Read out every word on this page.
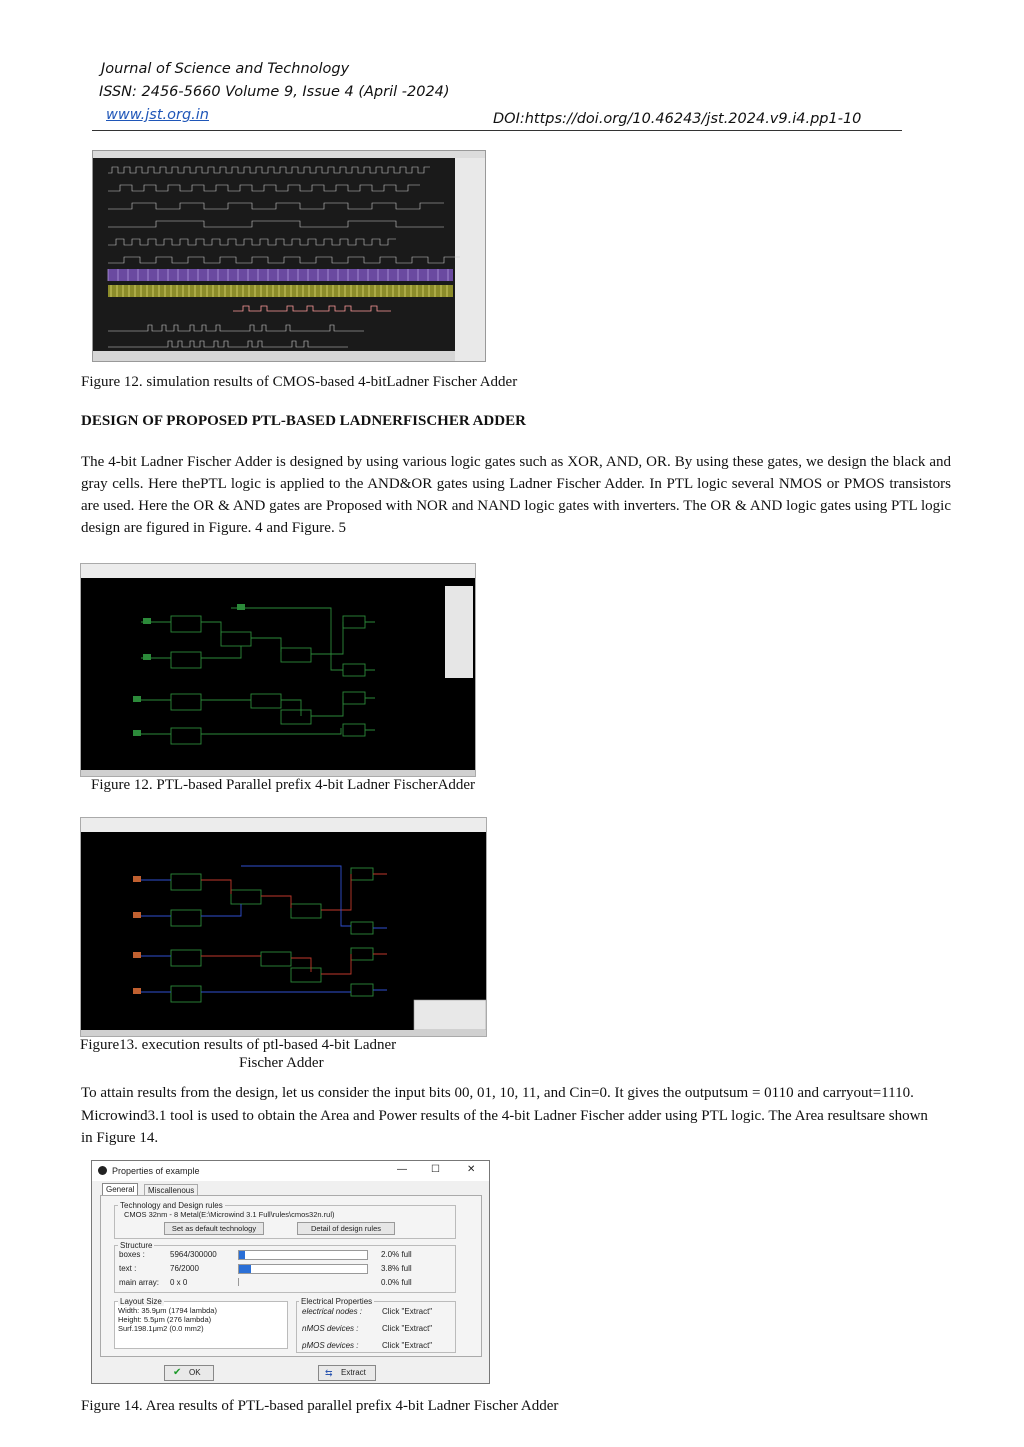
Journal of Science and Technology
ISSN: 2456-5660 Volume 9, Issue 4 (April -2024)
www.jst.org.in	DOI:https://doi.org/10.46243/jst.2024.v9.i4.pp1-10
Figure 12. simulation results of CMOS-based 4-bitLadner Fischer Adder
DESIGN OF PROPOSED PTL-BASED LADNERFISCHER ADDER
The 4-bit Ladner Fischer Adder is designed by using various logic gates such as XOR, AND, OR. By using these gates, we design the black and gray cells. Here thePTL logic is applied to the AND&OR gates using Ladner Fischer Adder. In PTL logic several NMOS or PMOS transistors are used. Here the OR & AND gates are Proposed with NOR and NAND logic gates with inverters. The OR & AND logic gates using PTL logic design are figured in Figure. 4 and Figure. 5
Figure 12. PTL-based Parallel prefix 4-bit Ladner FischerAdder
Figure13. execution results of ptl-based 4-bit Ladner
Fischer Adder
To attain results from the design, let us consider the input bits 00, 01, 10, 11, and Cin=0. It gives the outputsum = 0110 and carryout=1110. Microwind3.1 tool is used to obtain the Area and Power results of the 4-bit Ladner Fischer adder using PTL logic. The Area resultsare shown in Figure 14.
Properties of example	— ☐	✕
General	Miscallenous
Technology and Design rules
CMOS 32nm - 8 Metal(E:\Microwind 3.1 Full\rules\cmos32n.rul)
Set as default technology	Detail of design rules
Structure
boxes :	5964/300000	2.0% full
text :	76/2000	3.8% full
main array: 0 x 0	0.0% full
Layout Size
Width: 35.9μm (1794 lambda)
Height: 5.5μm (276 lambda)
Surf.198.1μm2 (0.0 mm2)
Electrical Properties
electrical nodes : Click "Extract"
nMOS devices :	Click "Extract"
pMOS devices :	Click "Extract"
✔ OK	⇆ Extract
Figure 14. Area results of PTL-based parallel prefix 4-bit Ladner Fischer Adder
